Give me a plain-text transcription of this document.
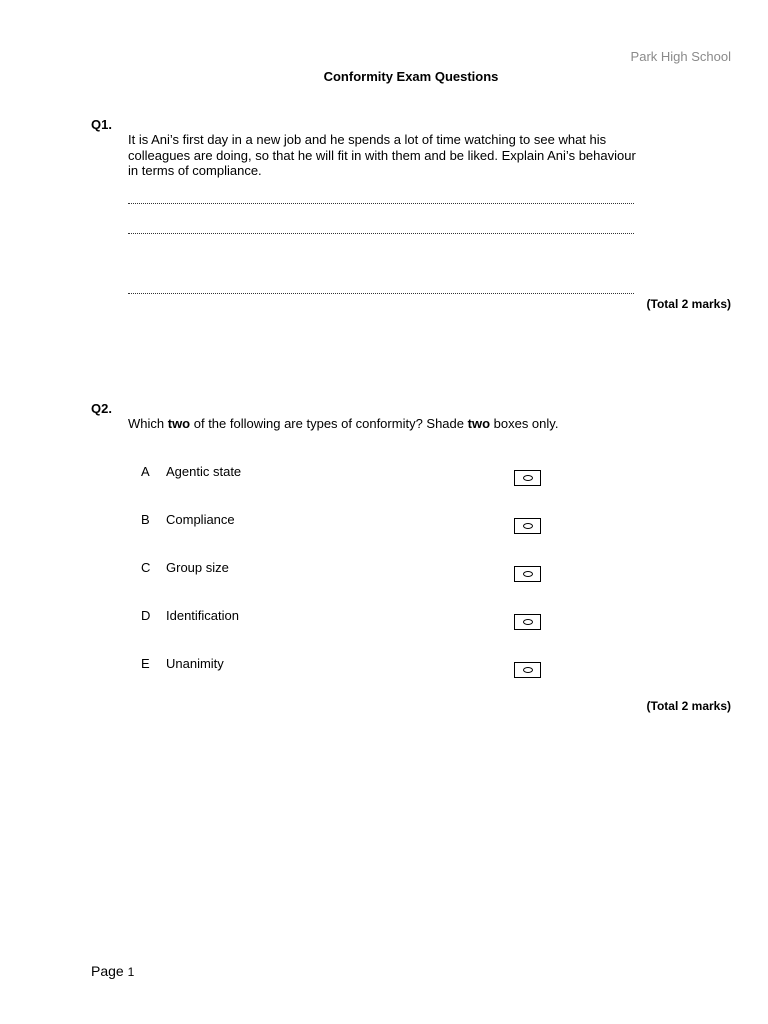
Park High School
Conformity Exam Questions
Q1.
It is Ani’s first day in a new job and he spends a lot of time watching to see what his
colleagues are doing, so that he will fit in with them and be liked. Explain Ani’s behaviour
in terms of compliance.
(Total 2 marks)
Q2.
Which two of the following are types of conformity? Shade two boxes only.
A Agentic state
B Compliance
C Group size
D Identification
E Unanimity
(Total 2 marks)
Page 1
